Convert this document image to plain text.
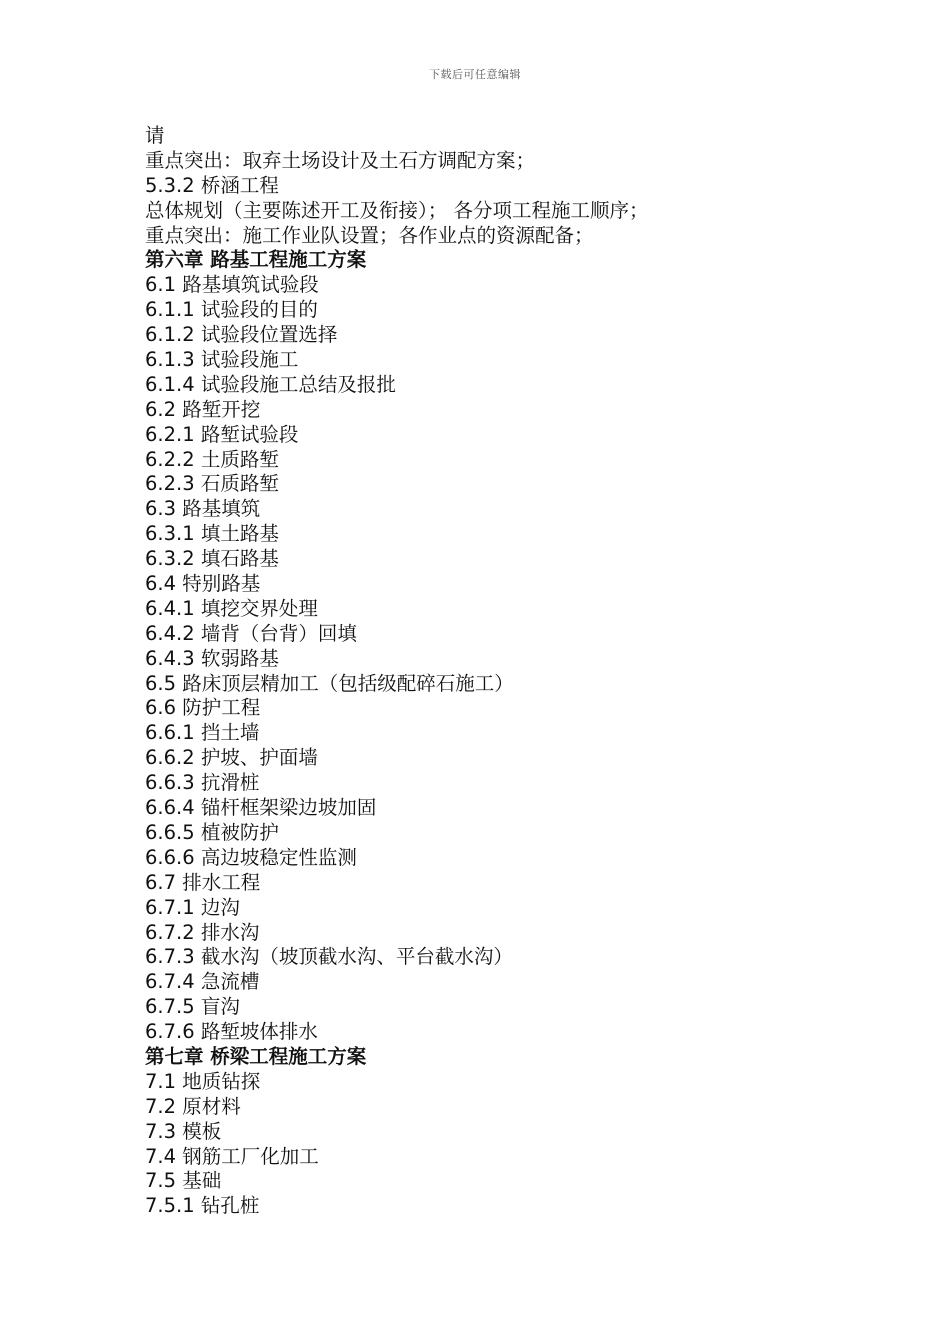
下载后可任意编辑
请
重点突出：取弃土场设计及土石方调配方案；
5.3.2 桥涵工程
总体规划（主要陈述开工及衔接）； 各分项工程施工顺序；
重点突出：施工作业队设置；各作业点的资源配备；
第六章 路基工程施工方案
6.1 路基填筑试验段
6.1.1 试验段的目的
6.1.2 试验段位置选择
6.1.3 试验段施工
6.1.4 试验段施工总结及报批
6.2 路堑开挖
6.2.1 路堑试验段
6.2.2 土质路堑
6.2.3 石质路堑
6.3 路基填筑
6.3.1 填土路基
6.3.2 填石路基
6.4 特别路基
6.4.1 填挖交界处理
6.4.2 墙背（台背）回填
6.4.3 软弱路基
6.5 路床顶层精加工（包括级配碎石施工）
6.6 防护工程
6.6.1 挡土墙
6.6.2 护坡、护面墙
6.6.3 抗滑桩
6.6.4 锚杆框架梁边坡加固
6.6.5 植被防护
6.6.6 高边坡稳定性监测
6.7 排水工程
6.7.1 边沟
6.7.2 排水沟
6.7.3 截水沟（坡顶截水沟、平台截水沟）
6.7.4 急流槽
6.7.5 盲沟
6.7.6 路堑坡体排水
第七章 桥梁工程施工方案
7.1 地质钻探
7.2 原材料
7.3 模板
7.4 钢筋工厂化加工
7.5 基础
7.5.1 钻孔桩
